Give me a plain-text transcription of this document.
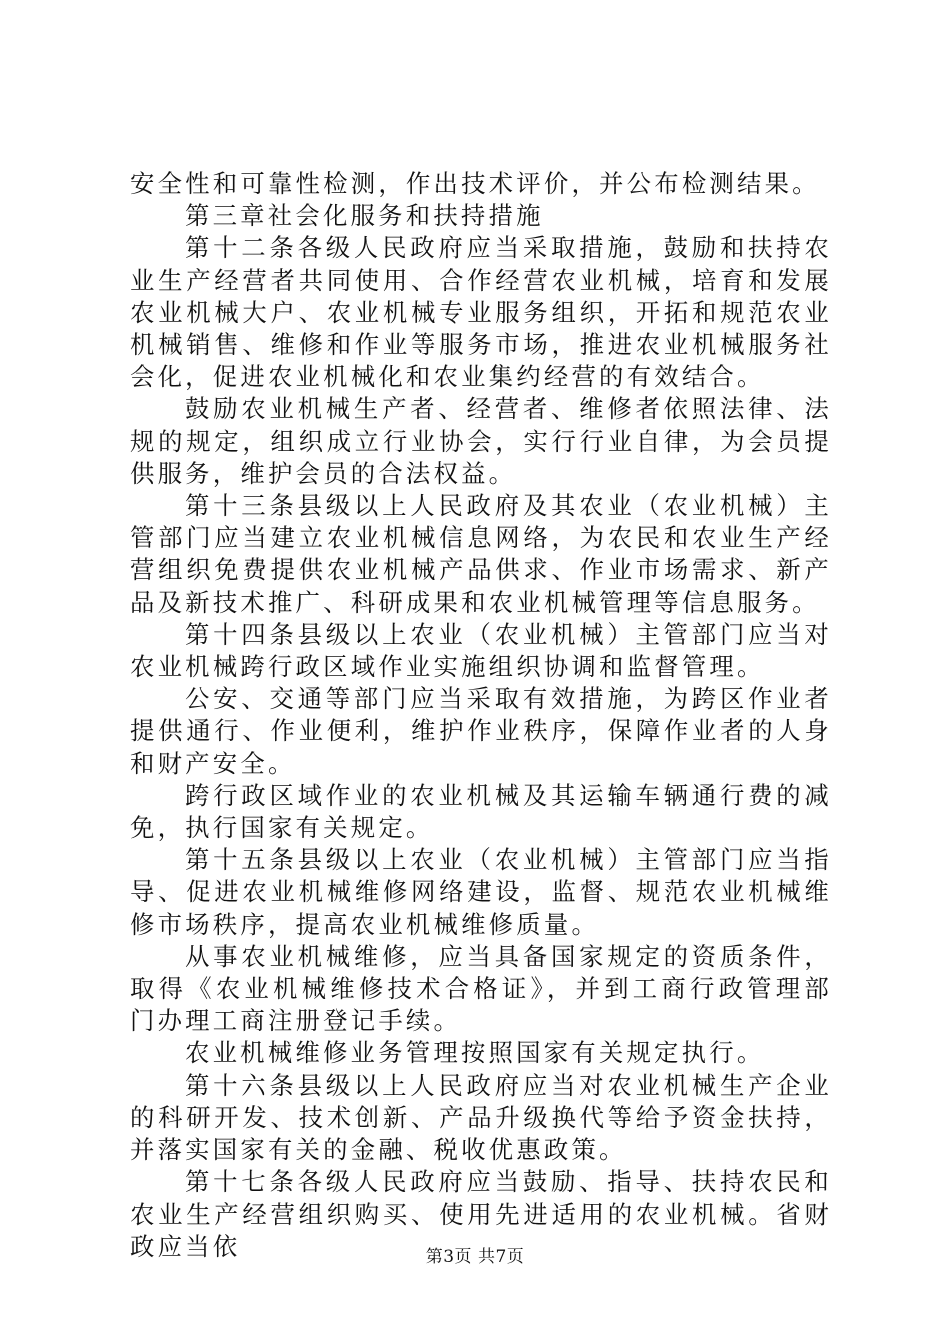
安全性和可靠性检测，作出技术评价，并公布检测结果。

第三章社会化服务和扶持措施

第十二条各级人民政府应当采取措施，鼓励和扶持农业生产经营者共同使用、合作经营农业机械，培育和发展农业机械大户、农业机械专业服务组织，开拓和规范农业机械销售、维修和作业等服务市场，推进农业机械服务社会化，促进农业机械化和农业集约经营的有效结合。

鼓励农业机械生产者、经营者、维修者依照法律、法规的规定，组织成立行业协会，实行行业自律，为会员提供服务，维护会员的合法权益。

第十三条县级以上人民政府及其农业（农业机械）主管部门应当建立农业机械信息网络，为农民和农业生产经营组织免费提供农业机械产品供求、作业市场需求、新产品及新技术推广、科研成果和农业机械管理等信息服务。

第十四条县级以上农业（农业机械）主管部门应当对农业机械跨行政区域作业实施组织协调和监督管理。

公安、交通等部门应当采取有效措施，为跨区作业者提供通行、作业便利，维护作业秩序，保障作业者的人身和财产安全。

跨行政区域作业的农业机械及其运输车辆通行费的减免，执行国家有关规定。

第十五条县级以上农业（农业机械）主管部门应当指导、促进农业机械维修网络建设，监督、规范农业机械维修市场秩序，提高农业机械维修质量。

从事农业机械维修，应当具备国家规定的资质条件，取得《农业机械维修技术合格证》，并到工商行政管理部门办理工商注册登记手续。

农业机械维修业务管理按照国家有关规定执行。

第十六条县级以上人民政府应当对农业机械生产企业的科研开发、技术创新、产品升级换代等给予资金扶持，并落实国家有关的金融、税收优惠政策。

第十七条各级人民政府应当鼓励、指导、扶持农民和农业生产经营组织购买、使用先进适用的农业机械。省财政应当依	第3页 共7页
